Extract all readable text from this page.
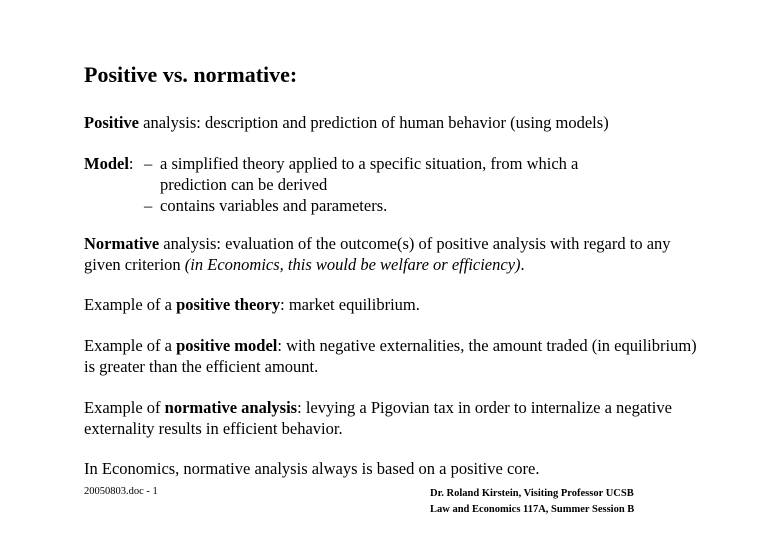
Positive vs. normative:

Positive analysis: description and prediction of human behavior (using models)

Model: – a simplified theory applied to a specific situation, from which a
prediction can be derived
– contains variables and parameters.

Normative analysis: evaluation of the outcome(s) of positive analysis with regard to any given criterion (in Economics, this would be welfare or efficiency).

Example of a positive theory: market equilibrium.

Example of a positive model: with negative externalities, the amount traded (in equilibrium) is greater than the efficient amount.

Example of normative analysis: levying a Pigovian tax in order to internalize a negative externality results in efficient behavior.

In Economics, normative analysis always is based on a positive core.

20050803.doc - 1	Dr. Roland Kirstein, Visiting Professor UCSB
Law and Economics 117A, Summer Session B
